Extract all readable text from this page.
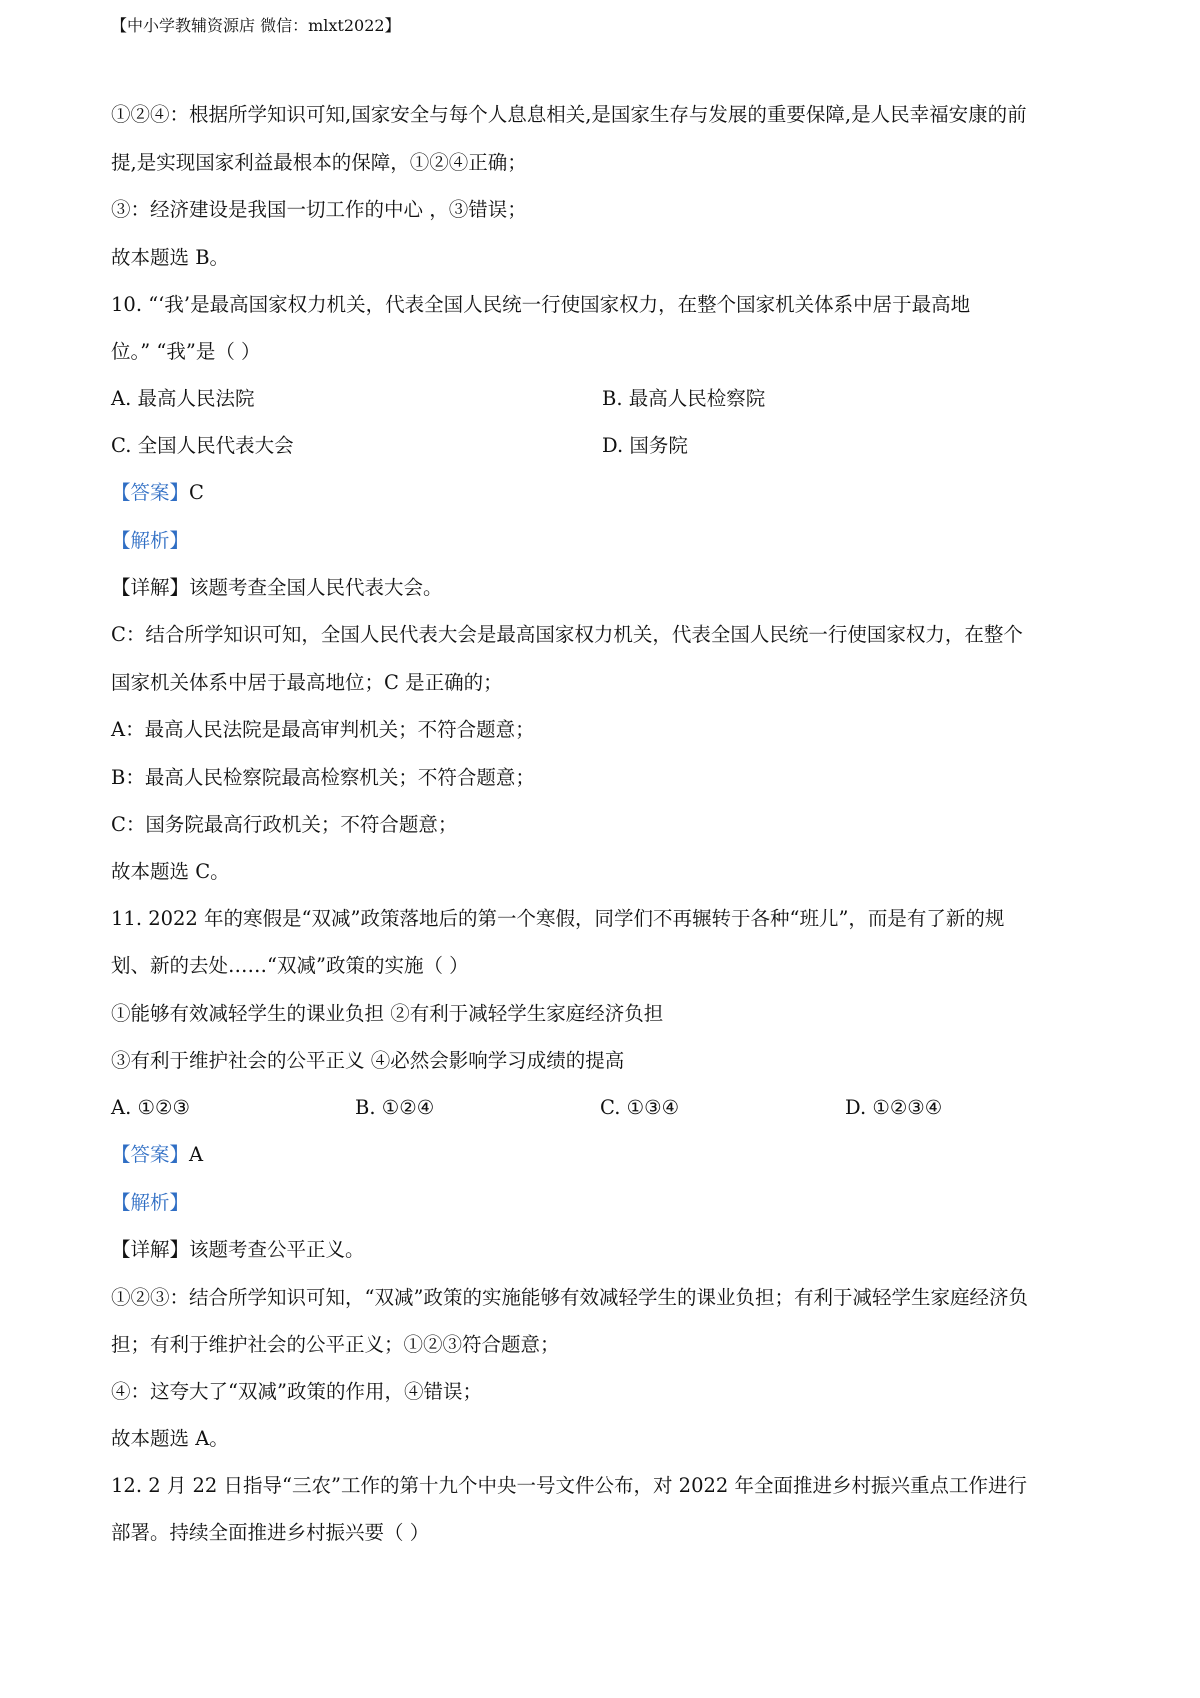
【中小学教辅资源店 微信：mlxt2022】
①②④：根据所学知识可知,国家安全与每个人息息相关,是国家生存与发展的重要保障,是人民幸福安康的前
提,是实现国家利益最根本的保障，①②④正确；
③：经济建设是我国一切工作的中心 ，③错误；
故本题选 B。
10. “‘我’是最高国家权力机关，代表全国人民统一行使国家权力，在整个国家机关体系中居于最高地
位。” “我”是（ ）
A. 最高人民法院	B. 最高人民检察院
C. 全国人民代表大会	D. 国务院
【答案】C
【解析】
【详解】该题考查全国人民代表大会。
C：结合所学知识可知，全国人民代表大会是最高国家权力机关，代表全国人民统一行使国家权力，在整个
国家机关体系中居于最高地位；C 是正确的；
A：最高人民法院是最高审判机关；不符合题意；
B：最高人民检察院最高检察机关；不符合题意；
C：国务院最高行政机关；不符合题意；
故本题选 C。
11. 2022 年的寒假是“双减”政策落地后的第一个寒假，同学们不再辗转于各种“班儿”，而是有了新的规
划、新的去处……“双减”政策的实施（ ）
①能够有效减轻学生的课业负担 ②有利于减轻学生家庭经济负担
③有利于维护社会的公平正义 ④必然会影响学习成绩的提高
A. ①②③	B. ①②④	C. ①③④	D. ①②③④
【答案】A
【解析】
【详解】该题考查公平正义。
①②③：结合所学知识可知，“双减”政策的实施能够有效减轻学生的课业负担；有利于减轻学生家庭经济负
担；有利于维护社会的公平正义；①②③符合题意；
④：这夸大了“双减”政策的作用，④错误；
故本题选 A。
12. 2 月 22 日指导“三农”工作的第十九个中央一号文件公布，对 2022 年全面推进乡村振兴重点工作进行
部署。持续全面推进乡村振兴要（ ）
